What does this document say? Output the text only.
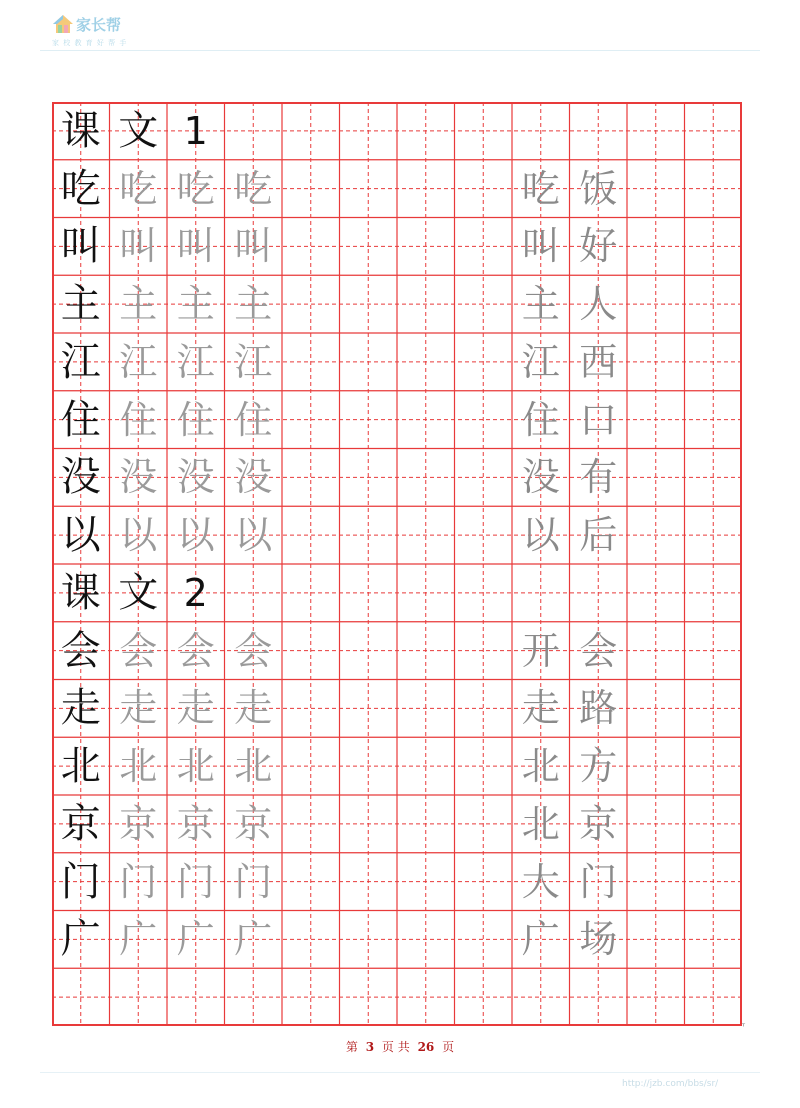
家长帮
家 校 教 育 好 帮 手
课 文 1
吃 吃 吃 吃	吃 饭
叫 叫 叫 叫	叫 好
主 主 主 主	主 人
江 江 江 江	江 西
住 住 住 住	住 口
没 没 没 没	没 有
以 以 以 以	以 后
课 文 2
会 会 会 会	开 会
走 走 走 走	走 路
北 北 北 北	北 方
京 京 京 京	北 京
门 门 门 门	大 门
广 广 广 广	广 场
ᵀ
第 3 页 共 26 页
http://jzb.com/bbs/sr/
